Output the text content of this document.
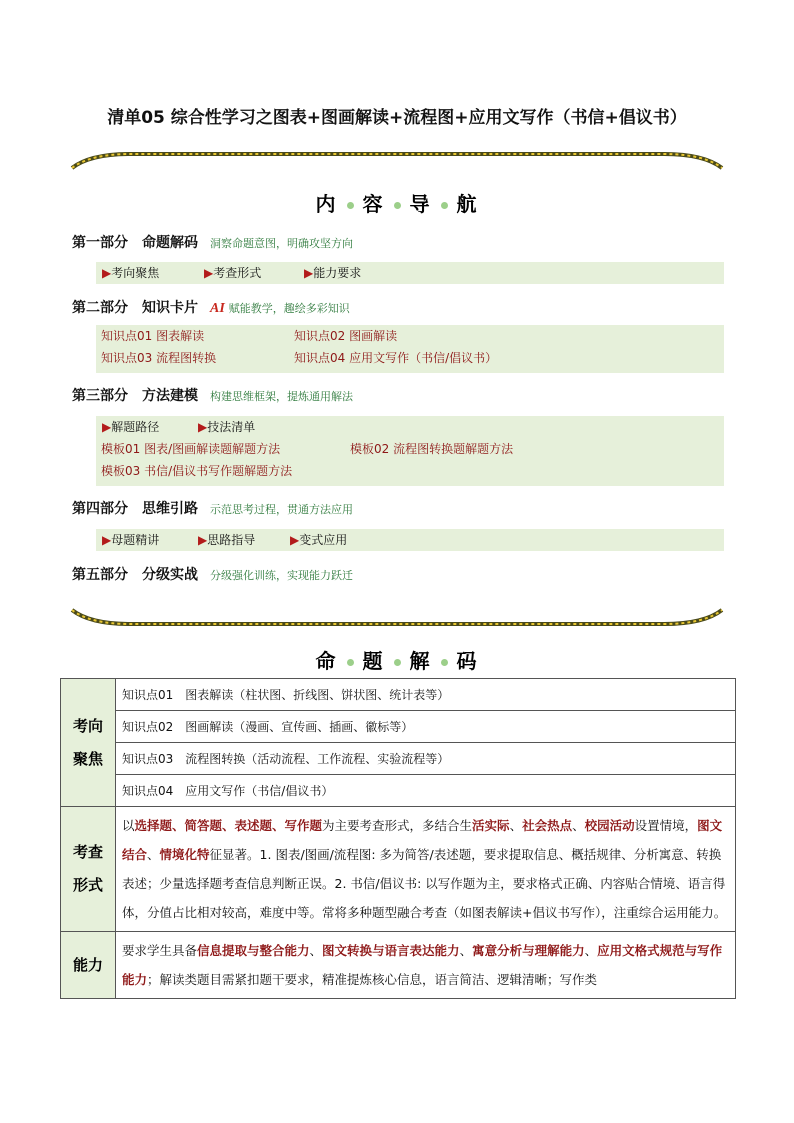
清单05 综合性学习之图表+图画解读+流程图+应用文写作（书信+倡议书）
内 容 导 航
第一部分 命题解码 洞察命题意图，明确攻坚方向
▶考向聚焦	▶考查形式	▶能力要求
第二部分 知识卡片 AI 赋能教学，趣绘多彩知识
知识点01 图表解读	知识点02 图画解读
知识点03 流程图转换	知识点04 应用文写作（书信/倡议书）
第三部分 方法建模 构建思维框架，提炼通用解法
▶解题路径	▶技法清单
模板01 图表/图画解读题解题方法	模板02 流程图转换题解题方法
模板03 书信/倡议书写作题解题方法
第四部分 思维引路 示范思考过程，贯通方法应用
▶母题精讲	▶思路指导	▶变式应用
第五部分 分级实战 分级强化训练，实现能力跃迁
命 题 解 码
考向
聚焦	知识点01 图表解读（柱状图、折线图、饼状图、统计表等）
	知识点02 图画解读（漫画、宣传画、插画、徽标等）
	知识点03 流程图转换（活动流程、工作流程、实验流程等）
	知识点04 应用文写作（书信/倡议书）

考查
形式	以选择题、简答题、表述题、写作题为主要考查形式，多结合生活实际、社会热点、校园活动设置情境，图文结合、情境化特征显著。1. 图表/图画/流程图: 多为简答/表述题，要求提取信息、概括规律、分析寓意、转换表述；少量选择题考查信息判断正误。2. 书信/倡议书: 以写作题为主，要求格式正确、内容贴合情境、语言得体，分值占比相对较高，难度中等。常将多种题型融合考查（如图表解读+倡议书写作），注重综合运用能力。

能力	要求学生具备信息提取与整合能力、图文转换与语言表达能力、寓意分析与理解能力、应用文格式规范与写作能力；解读类题目需紧扣题干要求，精准提炼核心信息，语言简洁、逻辑清晰；写作类
